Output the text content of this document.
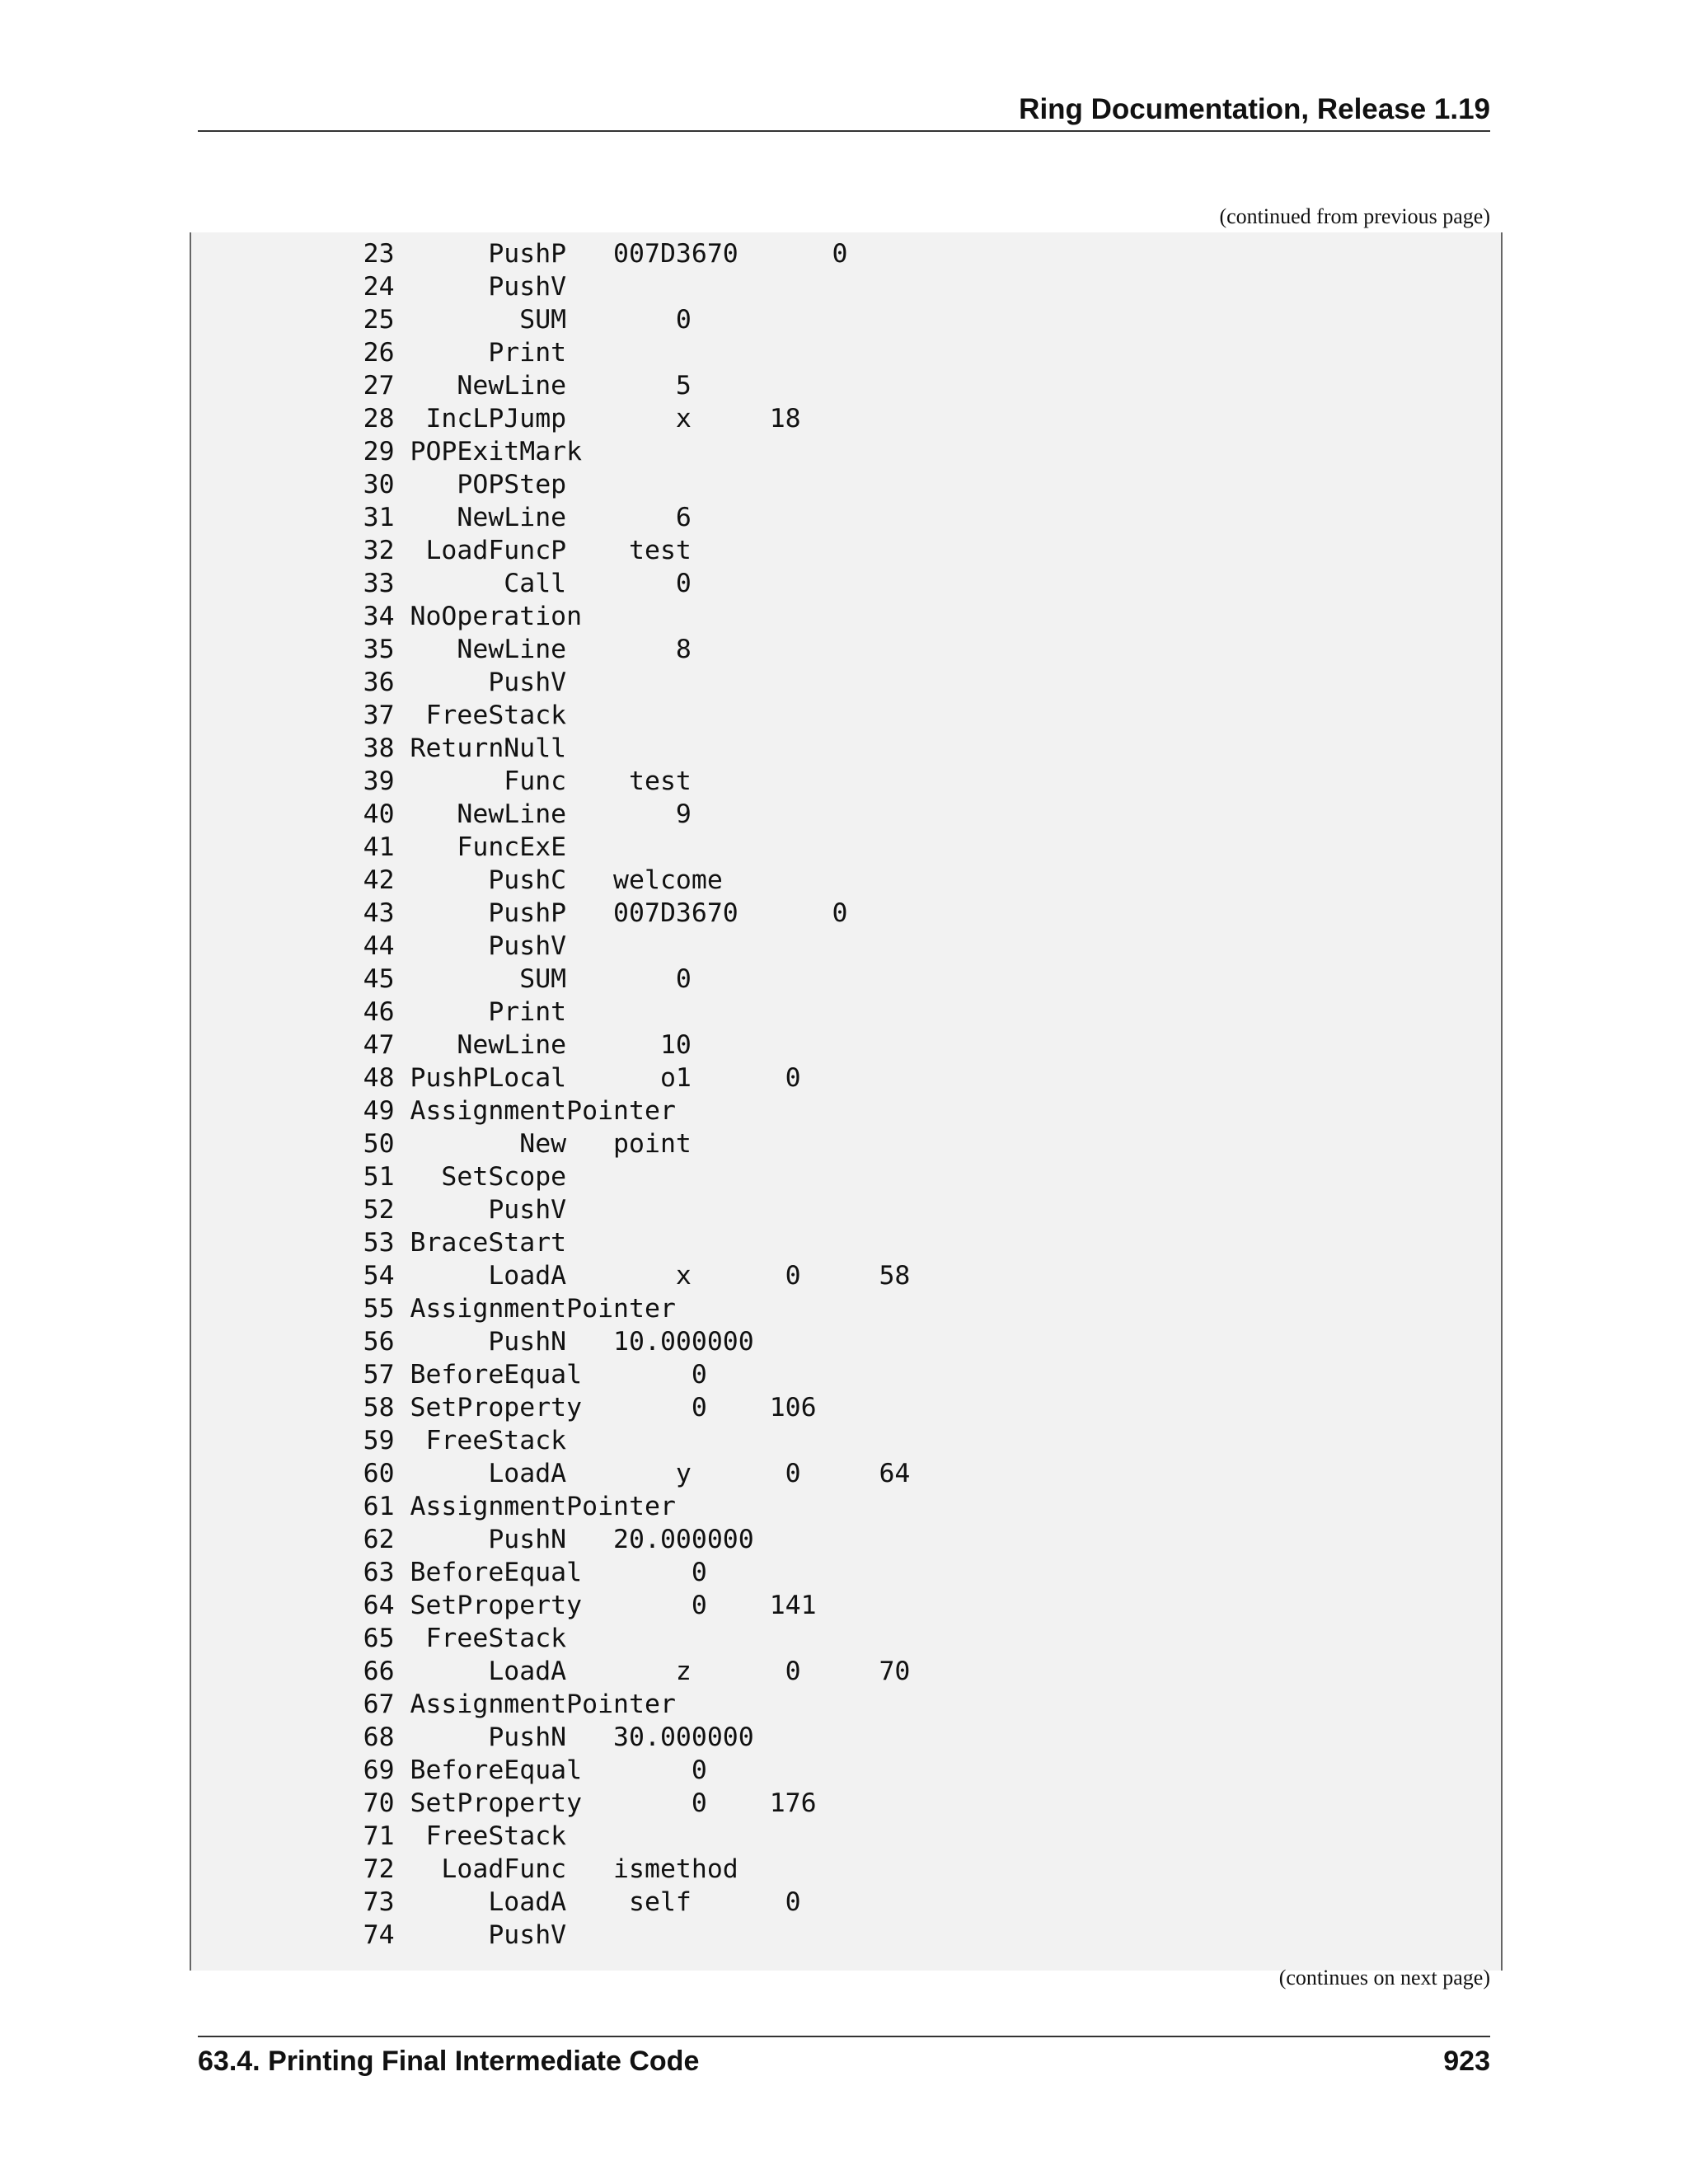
Ring Documentation, Release 1.19
(continued from previous page)
23      PushP   007D3670      0
24      PushV
25        SUM       0
26      Print
27    NewLine       5
28  IncLPJump       x     18
29 POPExitMark
30    POPStep
31    NewLine       6
32  LoadFuncP    test
33       Call       0
34 NoOperation
35    NewLine       8
36      PushV
37  FreeStack
38 ReturnNull
39       Func    test
40    NewLine       9
41    FuncExE
42      PushC   welcome
43      PushP   007D3670      0
44      PushV
45        SUM       0
46      Print
47    NewLine      10
48 PushPLocal      o1      0
49 AssignmentPointer
50        New   point
51   SetScope
52      PushV
53 BraceStart
54      LoadA       x      0     58
55 AssignmentPointer
56      PushN   10.000000
57 BeforeEqual       0
58 SetProperty       0    106
59  FreeStack
60      LoadA       y      0     64
61 AssignmentPointer
62      PushN   20.000000
63 BeforeEqual       0
64 SetProperty       0    141
65  FreeStack
66      LoadA       z      0     70
67 AssignmentPointer
68      PushN   30.000000
69 BeforeEqual       0
70 SetProperty       0    176
71  FreeStack
72   LoadFunc   ismethod
73      LoadA    self      0
74      PushV
(continues on next page)
63.4. Printing Final Intermediate Code	923
